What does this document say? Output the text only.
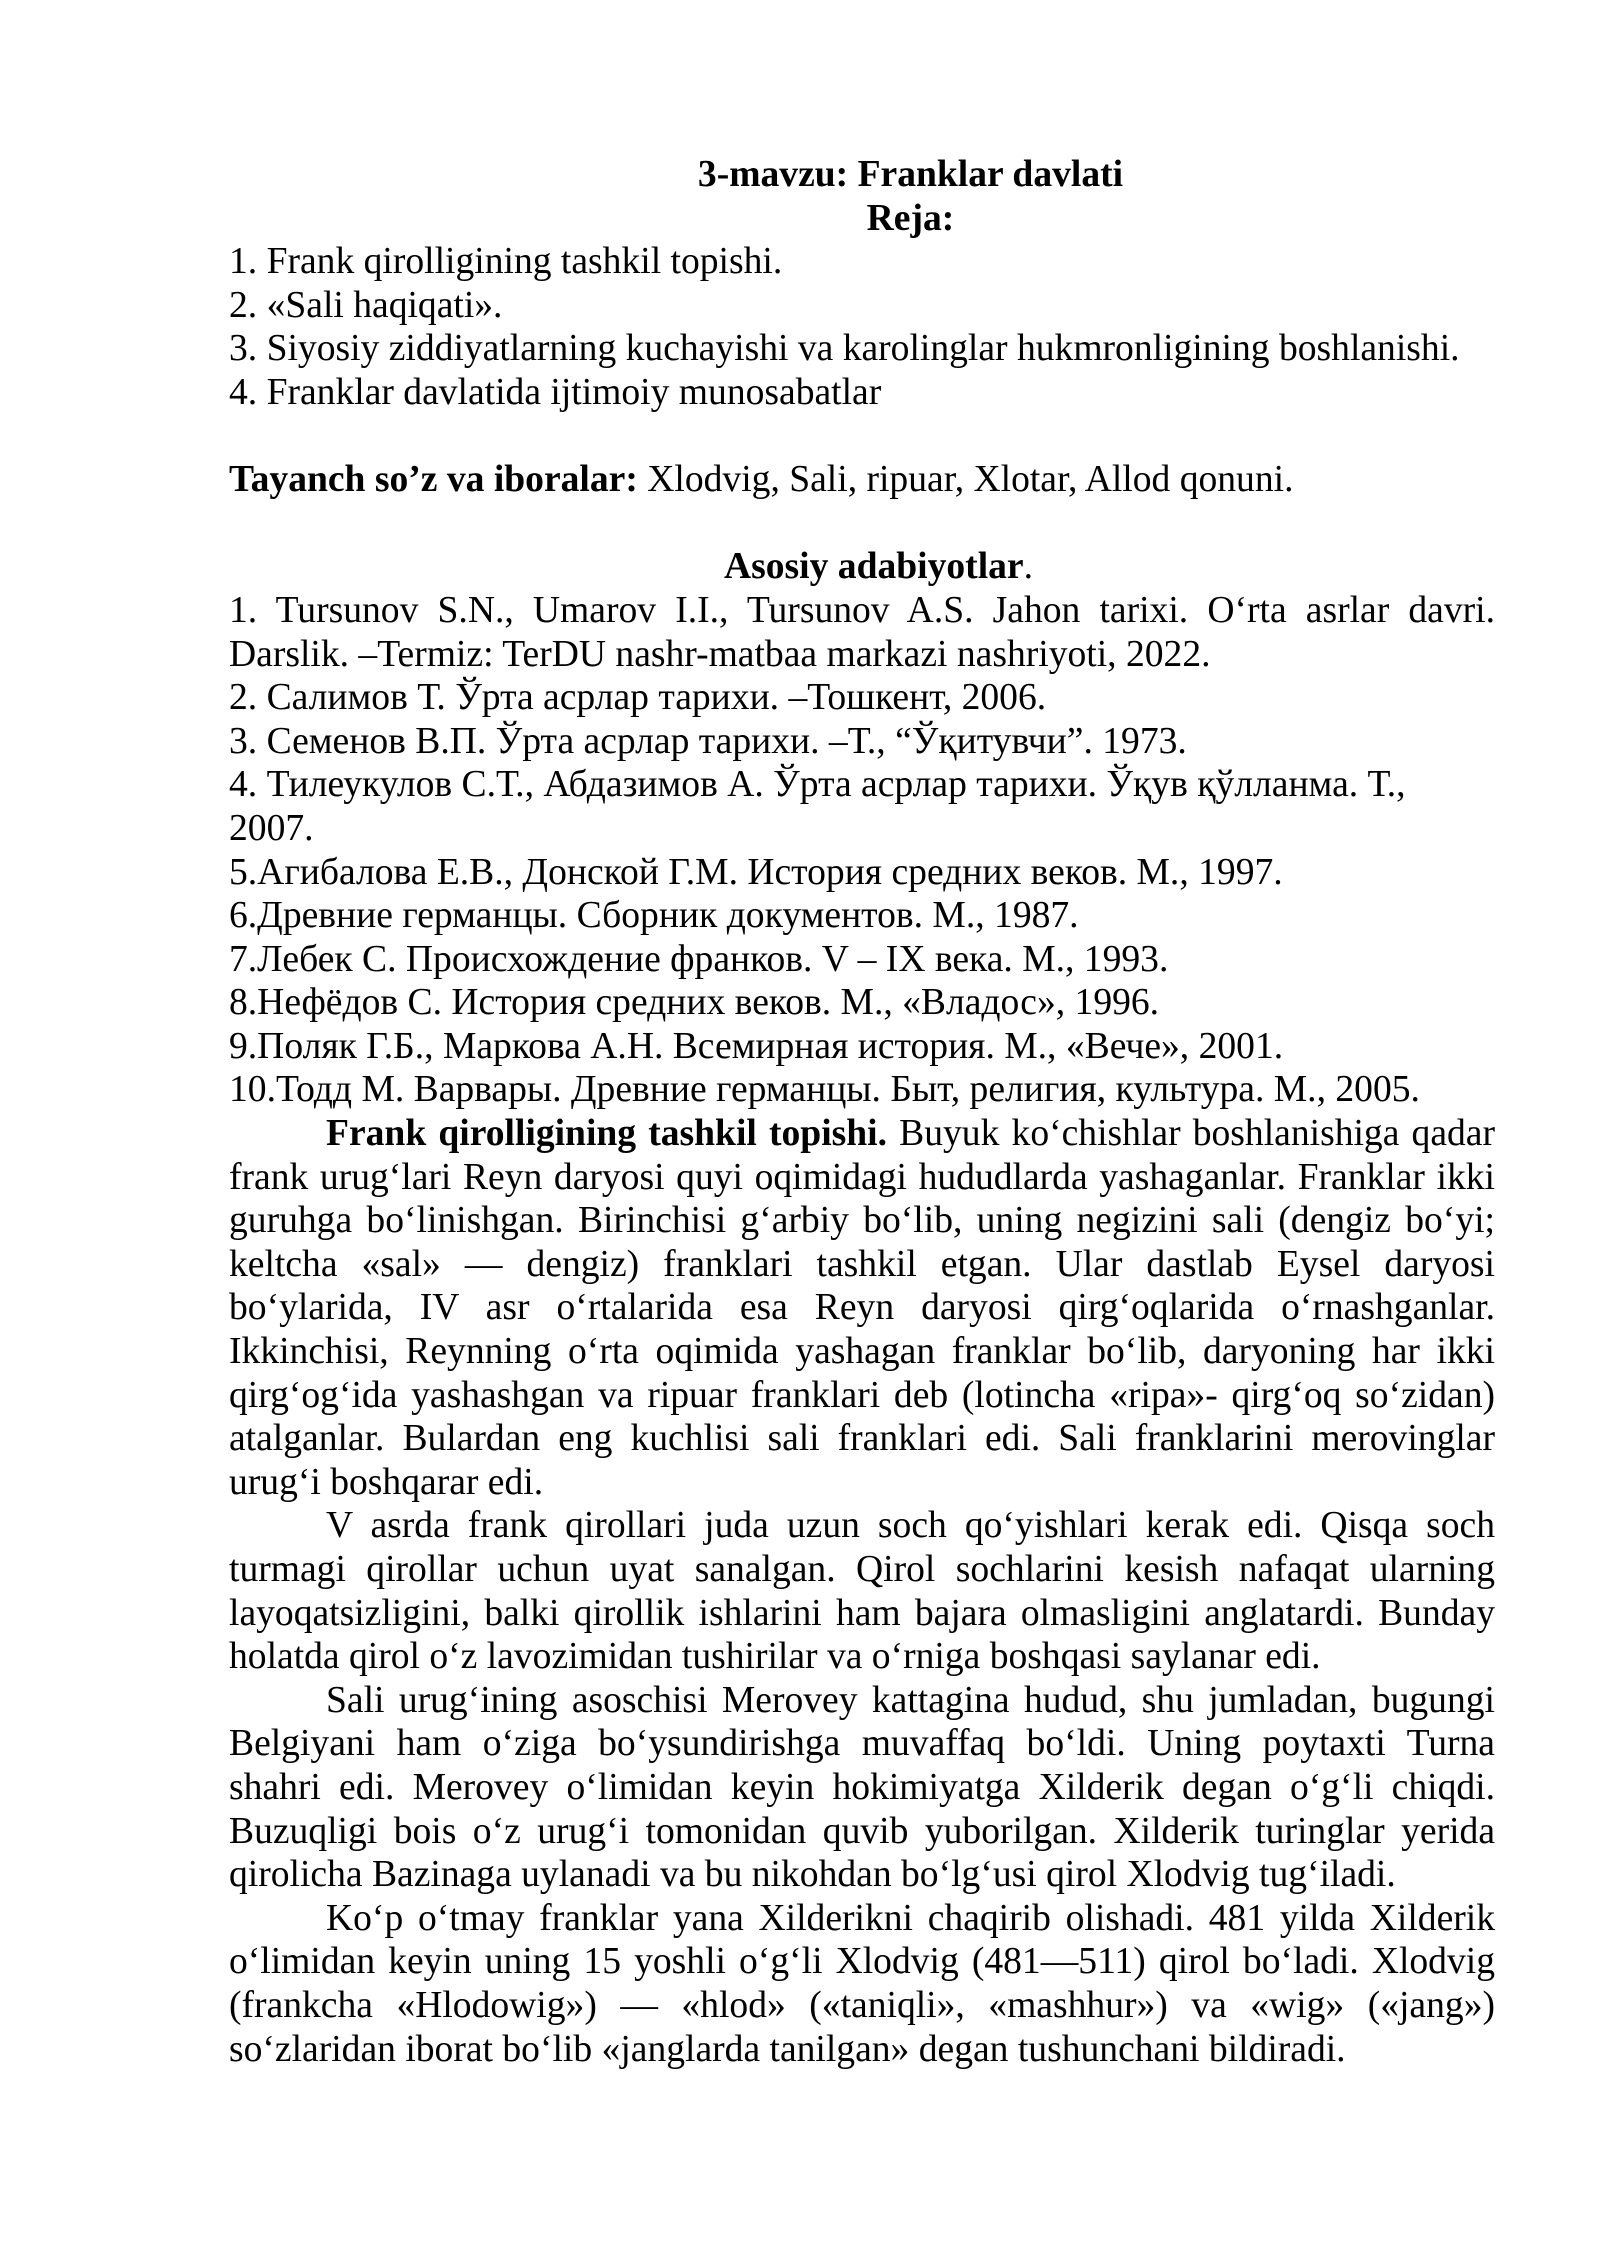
3-mavzu: Franklar davlati
Reja:
1. Frank qirolligining tashkil topishi.
2. «Sali haqiqati».
3. Siyosiy ziddiyatlarning kuchayishi va karolinglar hukmronligining boshlanishi.
4. Franklar davlatida ijtimoiy munosabatlar
Tayanch so’z va iboralar: Xlodvig, Sali, ripuar, Xlotar, Allod qonuni.
Asosiy adabiyotlar.
1. Tursunov S.N., Umarov I.I., Tursunov A.S. Jahon tarixi. O‘rta asrlar davri.
Darslik. –Termiz: TerDU nashr-matbaa markazi nashriyoti, 2022.
2. Салимов Т. Ўрта асрлар тарихи. –Тошкент, 2006.
3. Семенов В.П. Ўрта асрлар тарихи. –Т., “Ўқитувчи”. 1973.
4. Тилеукулов С.Т., Абдазимов А. Ўрта асрлар тарихи. Ўқув қўлланма. Т.,
2007.
5.Агибалова Е.В., Донской Г.М. История средних веков. М., 1997.
6.Древние германцы. Сборник документов. М., 1987.
7.Лебек С. Происхождение франков. V – IX века. М., 1993.
8.Нефёдов С. История средних веков. М., «Владос», 1996.
9.Поляк Г.Б., Маркова А.Н. Всемирная история. М., «Вече», 2001.
10.Тодд М. Варвары. Древние германцы. Быт, религия, культура. М., 2005.
Frank qirolligining tashkil topishi. Buyuk ko‘chishlar boshlanishiga qadar
frank urug‘lari Reyn daryosi quyi oqimidagi hududlarda yashaganlar. Franklar ikki
guruhga bo‘linishgan. Birinchisi g‘arbiy bo‘lib, uning negizini sali (dengiz bo‘yi;
keltcha «sal» — dengiz) franklari tashkil etgan. Ular dastlab Eysel daryosi
bo‘ylarida, IV asr o‘rtalarida esa Reyn daryosi qirg‘oqlarida o‘rnashganlar.
Ikkinchisi, Reynning o‘rta oqimida yashagan franklar bo‘lib, daryoning har ikki
qirg‘og‘ida yashashgan va ripuar franklari deb (lotincha «ripa»- qirg‘oq so‘zidan)
atalganlar. Bulardan eng kuchlisi sali franklari edi. Sali franklarini merovinglar
urug‘i boshqarar edi.
V asrda frank qirollari juda uzun soch qo‘yishlari kerak edi. Qisqa soch
turmagi qirollar uchun uyat sanalgan. Qirol sochlarini kesish nafaqat ularning
layoqatsizligini, balki qirollik ishlarini ham bajara olmasligini anglatardi. Bunday
holatda qirol o‘z lavozimidan tushirilar va o‘rniga boshqasi saylanar edi.
Sali urug‘ining asoschisi Merovey kattagina hudud, shu jumladan, bugungi
Belgiyani ham o‘ziga bo‘ysundirishga muvaffaq bo‘ldi. Uning poytaxti Turna
shahri edi. Merovey o‘limidan keyin hokimiyatga Xilderik degan o‘g‘li chiqdi.
Buzuqligi bois o‘z urug‘i tomonidan quvib yuborilgan. Xilderik turinglar yerida
qirolicha Bazinaga uylanadi va bu nikohdan bo‘lg‘usi qirol Xlodvig tug‘iladi.
Ko‘p o‘tmay franklar yana Xilderikni chaqirib olishadi. 481 yilda Xilderik
o‘limidan keyin uning 15 yoshli o‘g‘li Xlodvig (481—511) qirol bo‘ladi. Xlodvig
(frankcha «Hlodowig») — «hlod» («taniqli», «mashhur») va «wig» («jang»)
so‘zlaridan iborat bo‘lib «janglarda tanilgan» degan tushunchani bildiradi.
